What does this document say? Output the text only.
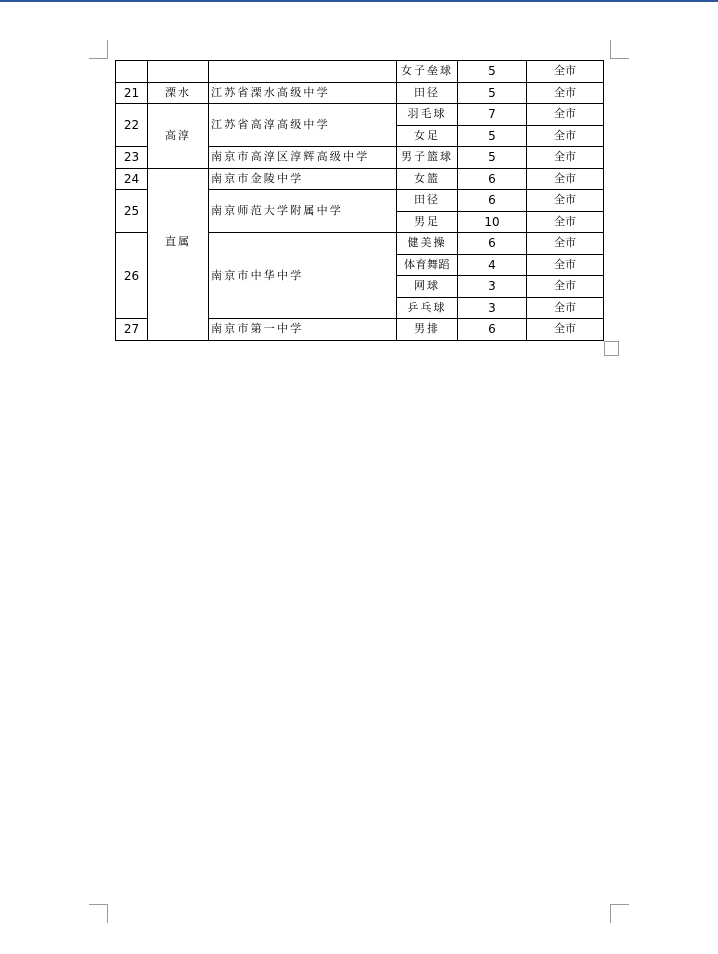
			女子垒球	5	全市
21	溧水	江苏省溧水高级中学	田径	5	全市
22	高淳	江苏省高淳高级中学	羽毛球	7	全市
			女足	5	全市
23		南京市高淳区淳辉高级中学	男子篮球	5	全市
24	直属	南京市金陵中学	女篮	6	全市
25		南京师范大学附属中学	田径	6	全市
			男足	10	全市
26		南京市中华中学	健美操	6	全市
			体育舞蹈	4	全市
			网球	3	全市
			乒乓球	3	全市
27		南京市第一中学	男排	6	全市
